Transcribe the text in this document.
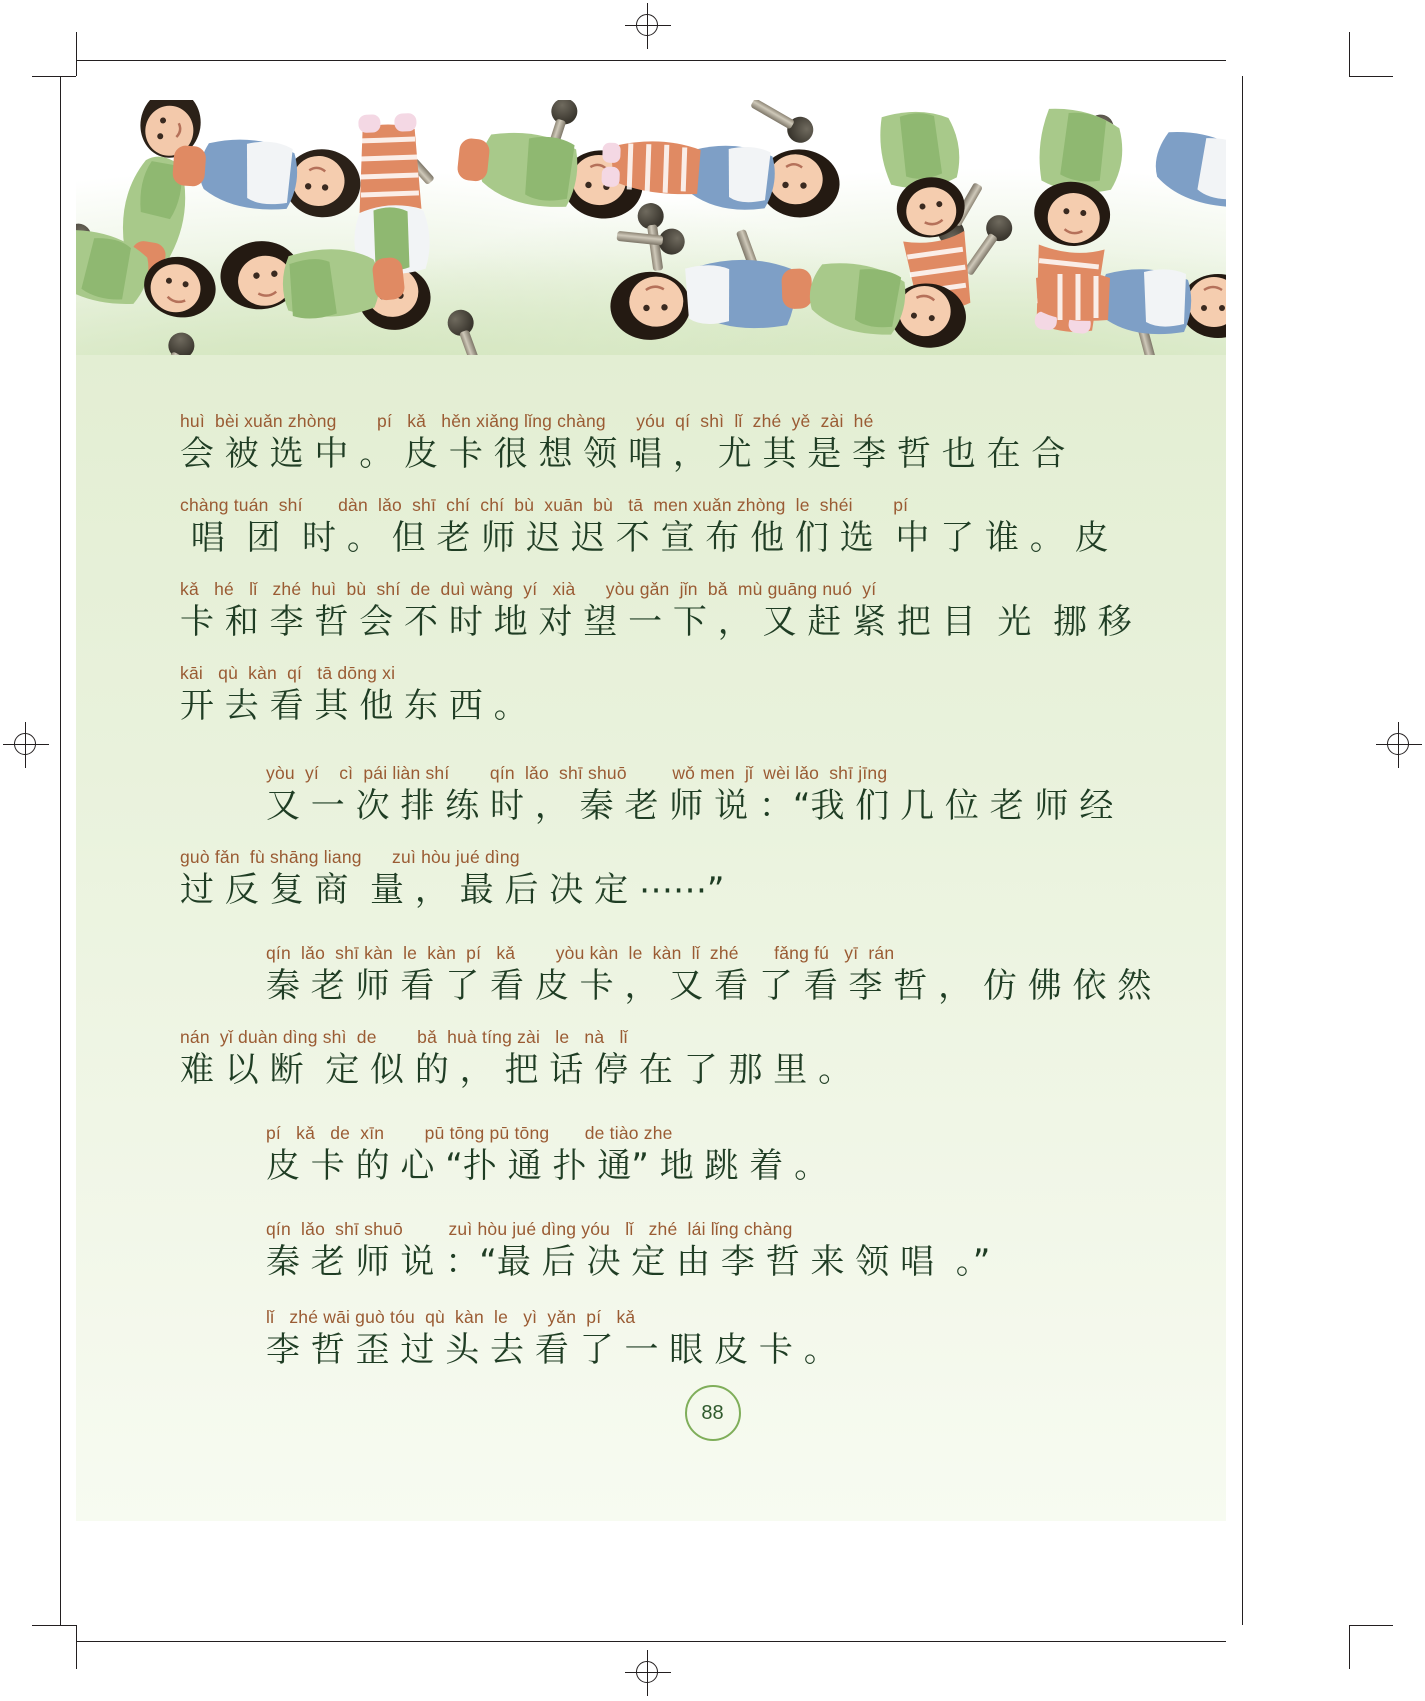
huì  bèi xuǎn zhòng        pí   kǎ   hěn xiǎng lǐng chàng      yóu  qí  shì  lǐ  zhé  yě  zài  hé
会 被 选 中 。 皮 卡 很 想 领 唱 ， 尤 其 是 李 哲 也 在 合
chàng tuán  shí       dàn  lǎo  shī  chí  chí  bù  xuān  bù   tā  men xuǎn zhòng  le  shéi        pí
唱  团  时 。 但 老 师 迟 迟 不 宣 布 他 们 选  中 了 谁 。 皮
kǎ   hé   lǐ   zhé  huì  bù  shí  de  duì wàng  yí   xià      yòu gǎn  jǐn  bǎ  mù guāng nuó  yí
卡 和 李 哲 会 不 时 地 对 望 一 下 ， 又 赶 紧 把 目  光  挪 移
kāi   qù  kàn  qí   tā dōng xi
开 去 看 其 他 东 西 。
yòu  yí    cì  pái liàn shí        qín  lǎo  shī shuō         wǒ men  jǐ  wèi lǎo  shī jīng
又 一 次 排 练 时 ， 秦 老 师 说 ：“我 们 几 位 老 师 经
guò fǎn  fù shāng liang      zuì hòu jué dìng
过 反 复 商  量 ， 最 后 决 定 ⋯⋯”
qín  lǎo  shī kàn  le  kàn  pí   kǎ        yòu kàn  le  kàn  lǐ  zhé       fǎng fú   yī  rán
秦 老 师 看 了 看 皮 卡 ， 又 看 了 看 李 哲 ， 仿 佛 依 然
nán  yǐ duàn dìng shì  de        bǎ  huà tíng zài   le   nà   lǐ
难 以 断  定 似 的 ， 把 话 停 在 了 那 里 。
pí   kǎ   de  xīn        pū tōng pū tōng       de tiào zhe
皮 卡 的 心 “扑 通 扑 通” 地 跳 着 。
qín  lǎo  shī shuō         zuì hòu jué dìng yóu   lǐ   zhé  lái lǐng chàng
秦 老 师 说 ：“最 后 决 定 由 李 哲 来 领 唱  。”
lǐ   zhé wāi guò tóu  qù  kàn  le   yì  yǎn  pí   kǎ
李 哲 歪 过 头 去 看 了 一 眼 皮 卡 。
88
